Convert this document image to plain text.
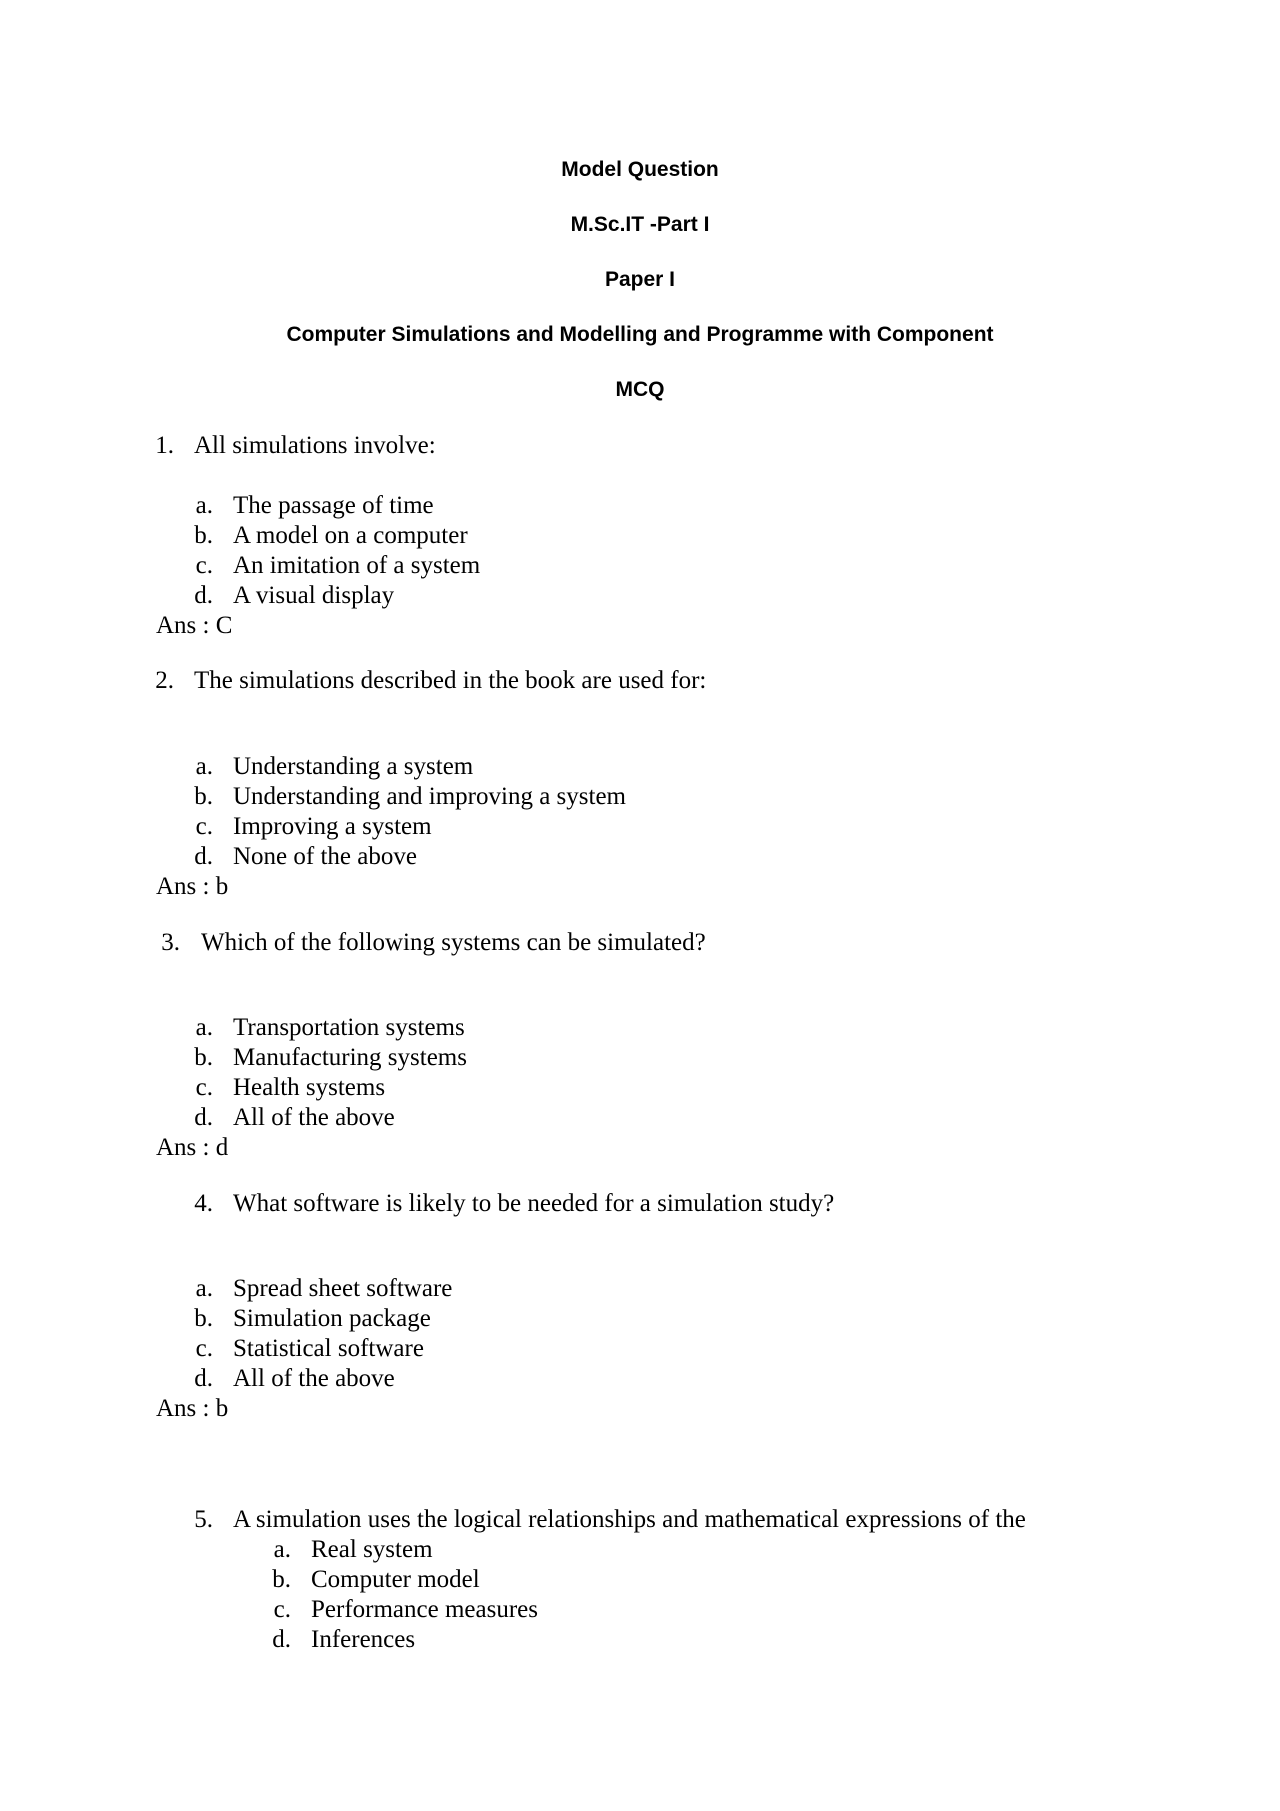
Model Question
M.Sc.IT -Part I
Paper I
Computer Simulations and Modelling and Programme with Component
MCQ
1. All simulations involve:
a. The passage of time
b. A model on a computer
c. An imitation of a system
d. A visual display
Ans : C
2. The simulations described in the book are used for:
a. Understanding a system
b. Understanding and improving a system
c. Improving a system
d. None of the above
Ans : b
3. Which of the following systems can be simulated?
a. Transportation systems
b. Manufacturing systems
c. Health systems
d. All of the above
Ans : d
4. What software is likely to be needed for a simulation study?
a. Spread sheet software
b. Simulation package
c. Statistical software
d. All of the above
Ans : b
5. A simulation uses the logical relationships and mathematical expressions of the
a. Real system
b. Computer model
c. Performance measures
d. Inferences
